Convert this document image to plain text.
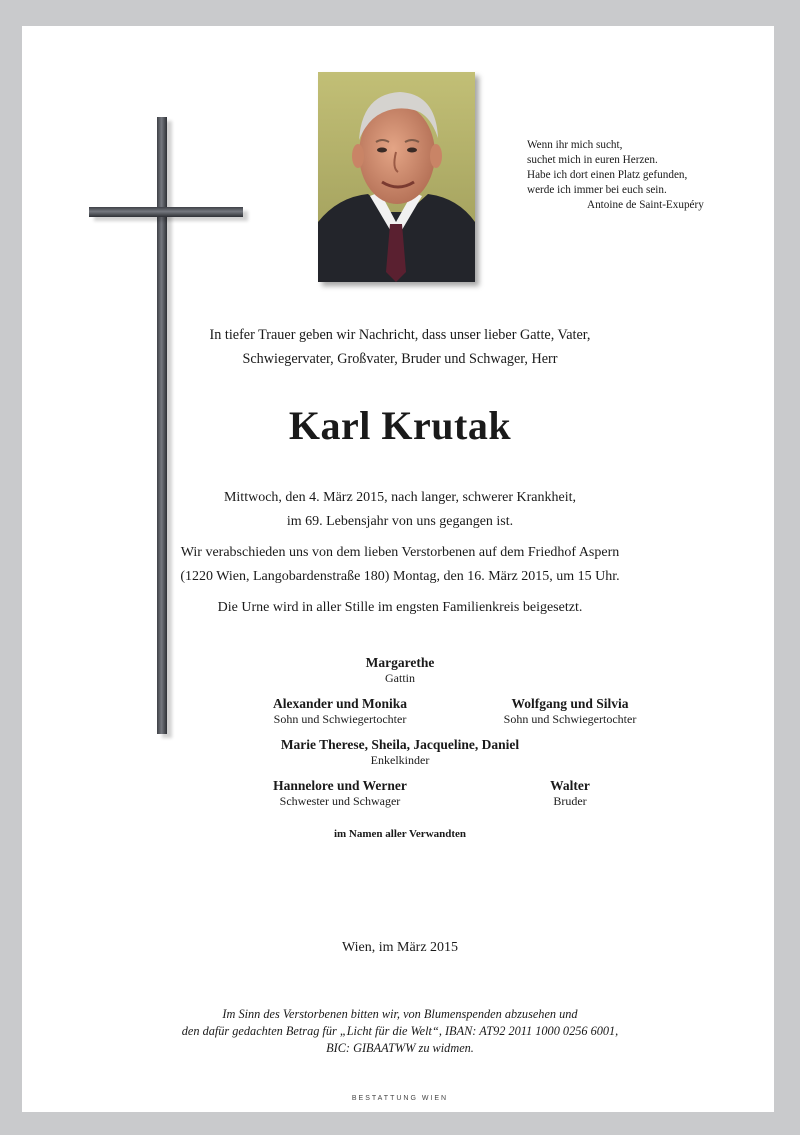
Wenn ihr mich sucht,
suchet mich in euren Herzen.
Habe ich dort einen Platz gefunden,
werde ich immer bei euch sein.
Antoine de Saint-Exupéry
In tiefer Trauer geben wir Nachricht, dass unser lieber Gatte, Vater,
Schwiegervater, Großvater, Bruder und Schwager, Herr
Karl Krutak
Mittwoch, den 4. März 2015, nach langer, schwerer Krankheit,
im 69. Lebensjahr von uns gegangen ist.
Wir verabschieden uns von dem lieben Verstorbenen auf dem Friedhof Aspern
(1220 Wien, Langobardenstraße 180) Montag, den 16. März 2015, um 15 Uhr.
Die Urne wird in aller Stille im engsten Familienkreis beigesetzt.
Margarethe
Gattin
Alexander und Monika
Sohn und Schwiegertochter
Wolfgang und Silvia
Sohn und Schwiegertochter
Marie Therese, Sheila, Jacqueline, Daniel
Enkelkinder
Hannelore und Werner
Schwester und Schwager
Walter
Bruder
im Namen aller Verwandten
Wien, im März 2015
Im Sinn des Verstorbenen bitten wir, von Blumenspenden abzusehen und
den dafür gedachten Betrag für „Licht für die Welt“, IBAN: AT92 2011 1000 0256 6001,
BIC: GIBAATWW zu widmen.
BESTATTUNG WIEN
